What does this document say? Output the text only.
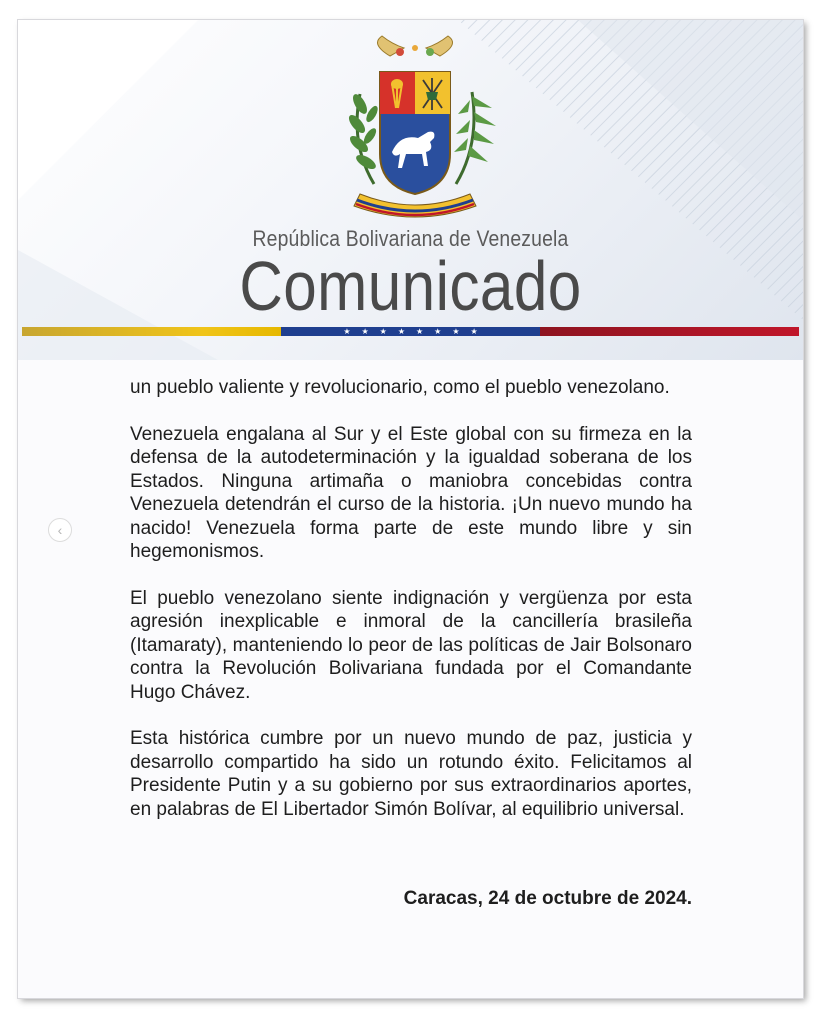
República Bolivariana de Venezuela
Comunicado
★ ★ ★ ★ ★ ★ ★ ★

un pueblo valiente y revolucionario, como el pueblo venezolano.

Venezuela engalana al Sur y el Este global con su firmeza en la defensa de la autodeterminación y la igualdad soberana de los Estados. Ninguna artimaña o maniobra concebidas contra Venezuela detendrán el curso de la historia. ¡Un nuevo mundo ha nacido! Venezuela forma parte de este mundo libre y sin hegemonismos.

El pueblo venezolano siente indignación y vergüenza por esta agresión inexplicable e inmoral de la cancillería brasileña (Itamaraty), manteniendo lo peor de las políticas de Jair Bolsonaro contra la Revolución Bolivariana fundada por el Comandante Hugo Chávez.

Esta histórica cumbre por un nuevo mundo de paz, justicia y desarrollo compartido ha sido un rotundo éxito. Felicitamos al Presidente Putin y a su gobierno por sus extraordinarios aportes, en palabras de El Libertador Simón Bolívar, al equilibrio universal.

Caracas, 24 de octubre de 2024.
‹
